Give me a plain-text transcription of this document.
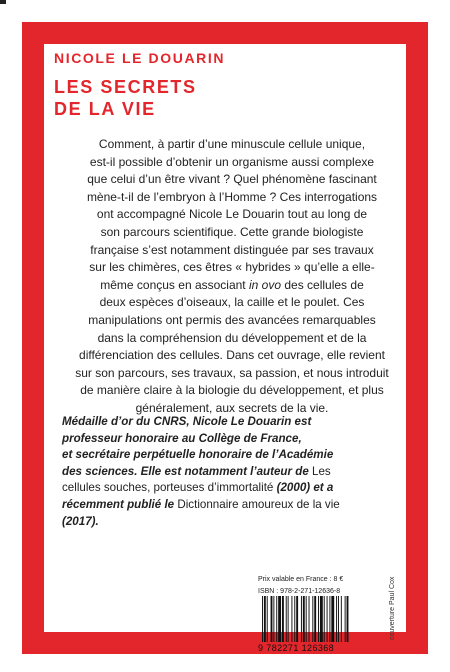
NICOLE LE DOUARIN
LES SECRETS
DE LA VIE
Comment, à partir d’une minuscule cellule unique,
est-il possible d’obtenir un organisme aussi complexe
que celui d’un être vivant ? Quel phénomène fascinant
mène-t-il de l’embryon à l’Homme ? Ces interrogations
ont accompagné Nicole Le Douarin tout au long de
son parcours scientifique. Cette grande biologiste
française s’est notamment distinguée par ses travaux
sur les chimères, ces êtres « hybrides » qu’elle a elle-
même conçus en associant in ovo des cellules de
deux espèces d’oiseaux, la caille et le poulet. Ces
manipulations ont permis des avancées remarquables
dans la compréhension du développement et de la
différenciation des cellules. Dans cet ouvrage, elle revient
sur son parcours, ses travaux, sa passion, et nous introduit
de manière claire à la biologie du développement, et plus
généralement, aux secrets de la vie.
Médaille d’or du CNRS, Nicole Le Douarin est
professeur honoraire au Collège de France,
et secrétaire perpétuelle honoraire de l’Académie
des sciences. Elle est notamment l’auteur de Les
cellules souches, porteuses d’immortalité (2000) et a
récemment publié le Dictionnaire amoureux de la vie
(2017).
Prix valable en France : 8 €
ISBN : 978-2-271-12636-8
9 782271 126368
couverture Paul Cox
